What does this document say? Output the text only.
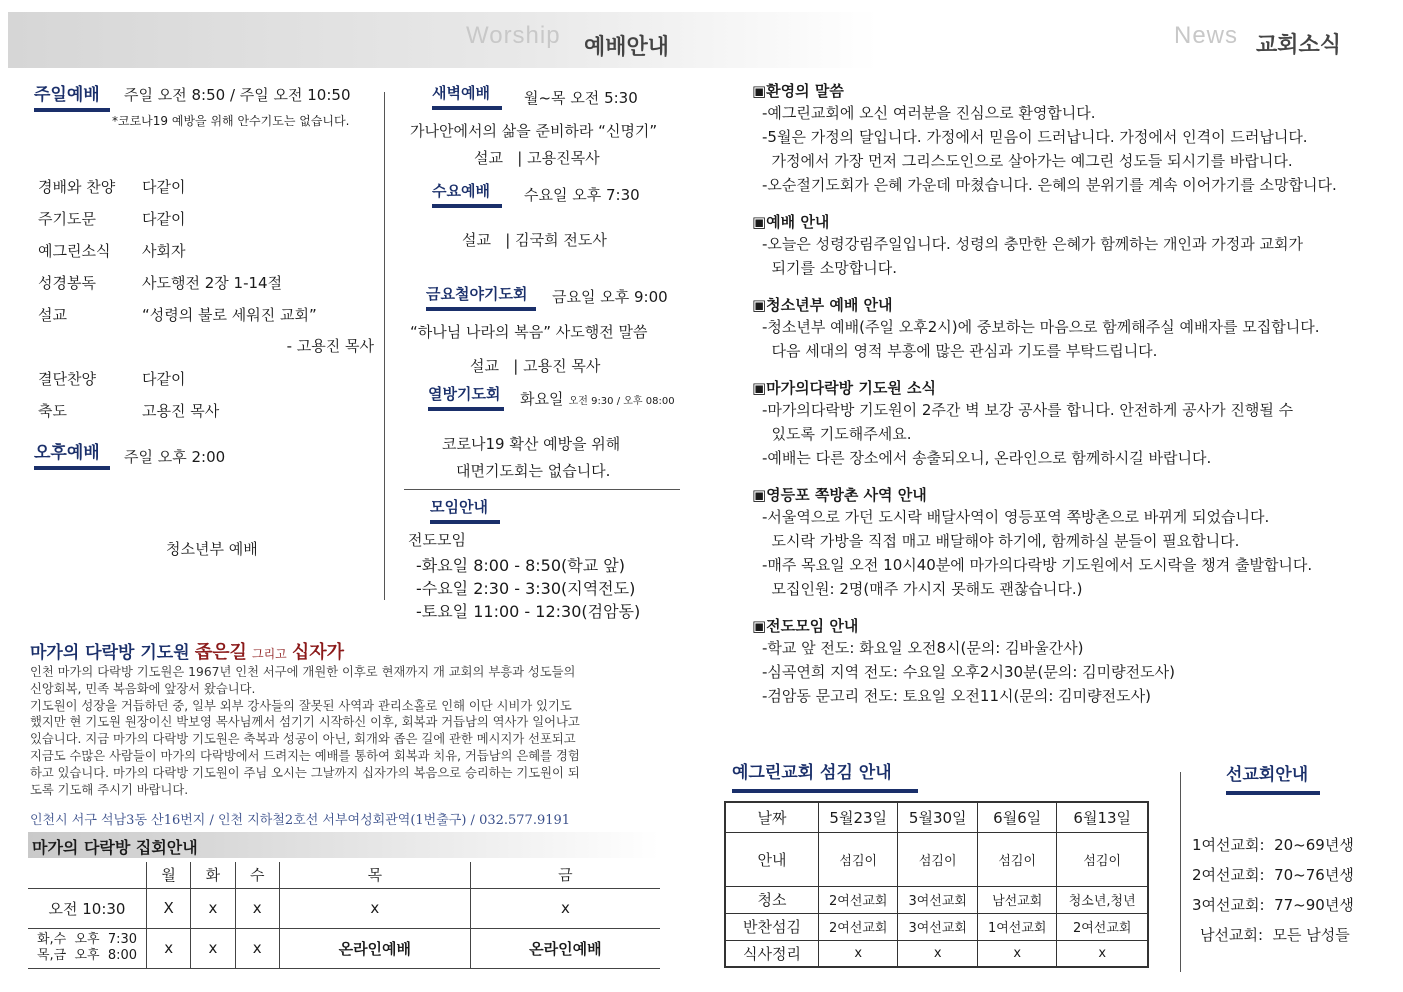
Worship 예배안내	News 교회소식
주일예배	주일 오전 8:50 / 주일 오전 10:50
*코로나19 예방을 위해 안수기도는 없습니다.
경배와 찬양	다같이
주기도문	다같이
예그린소식	사회자
성경봉독	사도행전 2장 1-14절
설교	“성령의 불로 세워진 교회”
- 고용진 목사
결단찬양	다같이
축도	고용진 목사
오후예배	주일 오후 2:00
청소년부 예배
새벽예배	월~목 오전 5:30
가나안에서의 삶을 준비하라 “신명기”
설교   | 고용진목사
수요예배	수요일 오후 7:30
설교   | 김국희 전도사
금요철야기도회	금요일 오후 9:00
“하나님 나라의 복음” 사도행전 말씀
설교   | 고용진 목사
열방기도회 화요일 오전 9:30 / 오후 08:00
코로나19 확산 예방을 위해
대면기도회는 없습니다.
모임안내
전도모임
-화요일 8:00 - 8:50(학교 앞)
-수요일 2:30 - 3:30(지역전도)
-토요일 11:00 - 12:30(검암동)
마가의 다락방 기도원 좁은길 그리고 십자가
인천 마가의 다락방 기도원은 1967년 인천 서구에 개원한 이후로 현재까지 개 교회의 부흥과 성도들의
신앙회복, 민족 복음화에 앞장서 왔습니다.
기도원이 성장을 거듭하던 중, 일부 외부 강사들의 잘못된 사역과 관리소홀로 인해 이단 시비가 있기도
했지만 현 기도원 원장이신 박보영 목사님께서 섬기기 시작하신 이후, 회복과 거듭남의 역사가 일어나고
있습니다. 지금 마가의 다락방 기도원은 축복과 성공이 아닌, 회개와 좁은 길에 관한 메시지가 선포되고
지금도 수많은 사람들이 마가의 다락방에서 드려지는 예배를 통하여 회복과 치유, 거듭남의 은혜를 경험
하고 있습니다. 마가의 다락방 기도원이 주님 오시는 그날까지 십자가의 복음으로 승리하는 기도원이 되
도록 기도해 주시기 바랍니다.
인천시 서구 석남3동 산16번지 / 인천 지하철2호선 서부여성회관역(1번출구) / 032.577.9191
마가의 다락방 집회안내
	월	화	수	목	금
오전 10:30	X	x	x	x	x
화,수  오후  7:30
목,금  오후  8:00	x	x	x	온라인예배	온라인예배
▣환영의 말씀
-예그린교회에 오신 여러분을 진심으로 환영합니다.
-5월은 가정의 달입니다. 가정에서 믿음이 드러납니다. 가정에서 인격이 드러납니다.
가정에서 가장 먼저 그리스도인으로 살아가는 예그린 성도들 되시기를 바랍니다.
-오순절기도회가 은혜 가운데 마쳤습니다. 은혜의 분위기를 계속 이어가기를 소망합니다.
▣예배 안내
-오늘은 성령강림주일입니다. 성령의 충만한 은혜가 함께하는 개인과 가정과 교회가
되기를 소망합니다.
▣청소년부 예배 안내
-청소년부 예배(주일 오후2시)에 중보하는 마음으로 함께해주실 예배자를 모집합니다.
다음 세대의 영적 부흥에 많은 관심과 기도를 부탁드립니다.
▣마가의다락방 기도원 소식
-마가의다락방 기도원이 2주간 벽 보강 공사를 합니다. 안전하게 공사가 진행될 수
있도록 기도해주세요.
-예배는 다른 장소에서 송출되오니, 온라인으로 함께하시길 바랍니다.
▣영등포 쪽방촌 사역 안내
-서울역으로 가던 도시락 배달사역이 영등포역 쪽방촌으로 바뀌게 되었습니다.
도시락 가방을 직접 매고 배달해야 하기에, 함께하실 분들이 필요합니다.
-매주 목요일 오전 10시40분에 마가의다락방 기도원에서 도시락을 챙겨 출발합니다.
모집인원: 2명(매주 가시지 못해도 괜찮습니다.)
▣전도모임 안내
-학교 앞 전도: 화요일 오전8시(문의: 김바울간사)
-심곡연희 지역 전도: 수요일 오후2시30분(문의: 김미량전도사)
-검암동 문고리 전도: 토요일 오전11시(문의: 김미량전도사)
예그린교회 섬김 안내
날짜	5월23일	5월30일	6월6일	6월13일
안내	섬김이	섬김이	섬김이	섬김이
청소	2여선교회	3여선교회	남선교회	청소년,청년
반찬섬김	2여선교회	3여선교회	1여선교회	2여선교회
식사정리	x	x	x	x
선교회안내
1여선교회:  20~69년생
2여선교회:  70~76년생
3여선교회:  77~90년생
남선교회:  모든 남성들
